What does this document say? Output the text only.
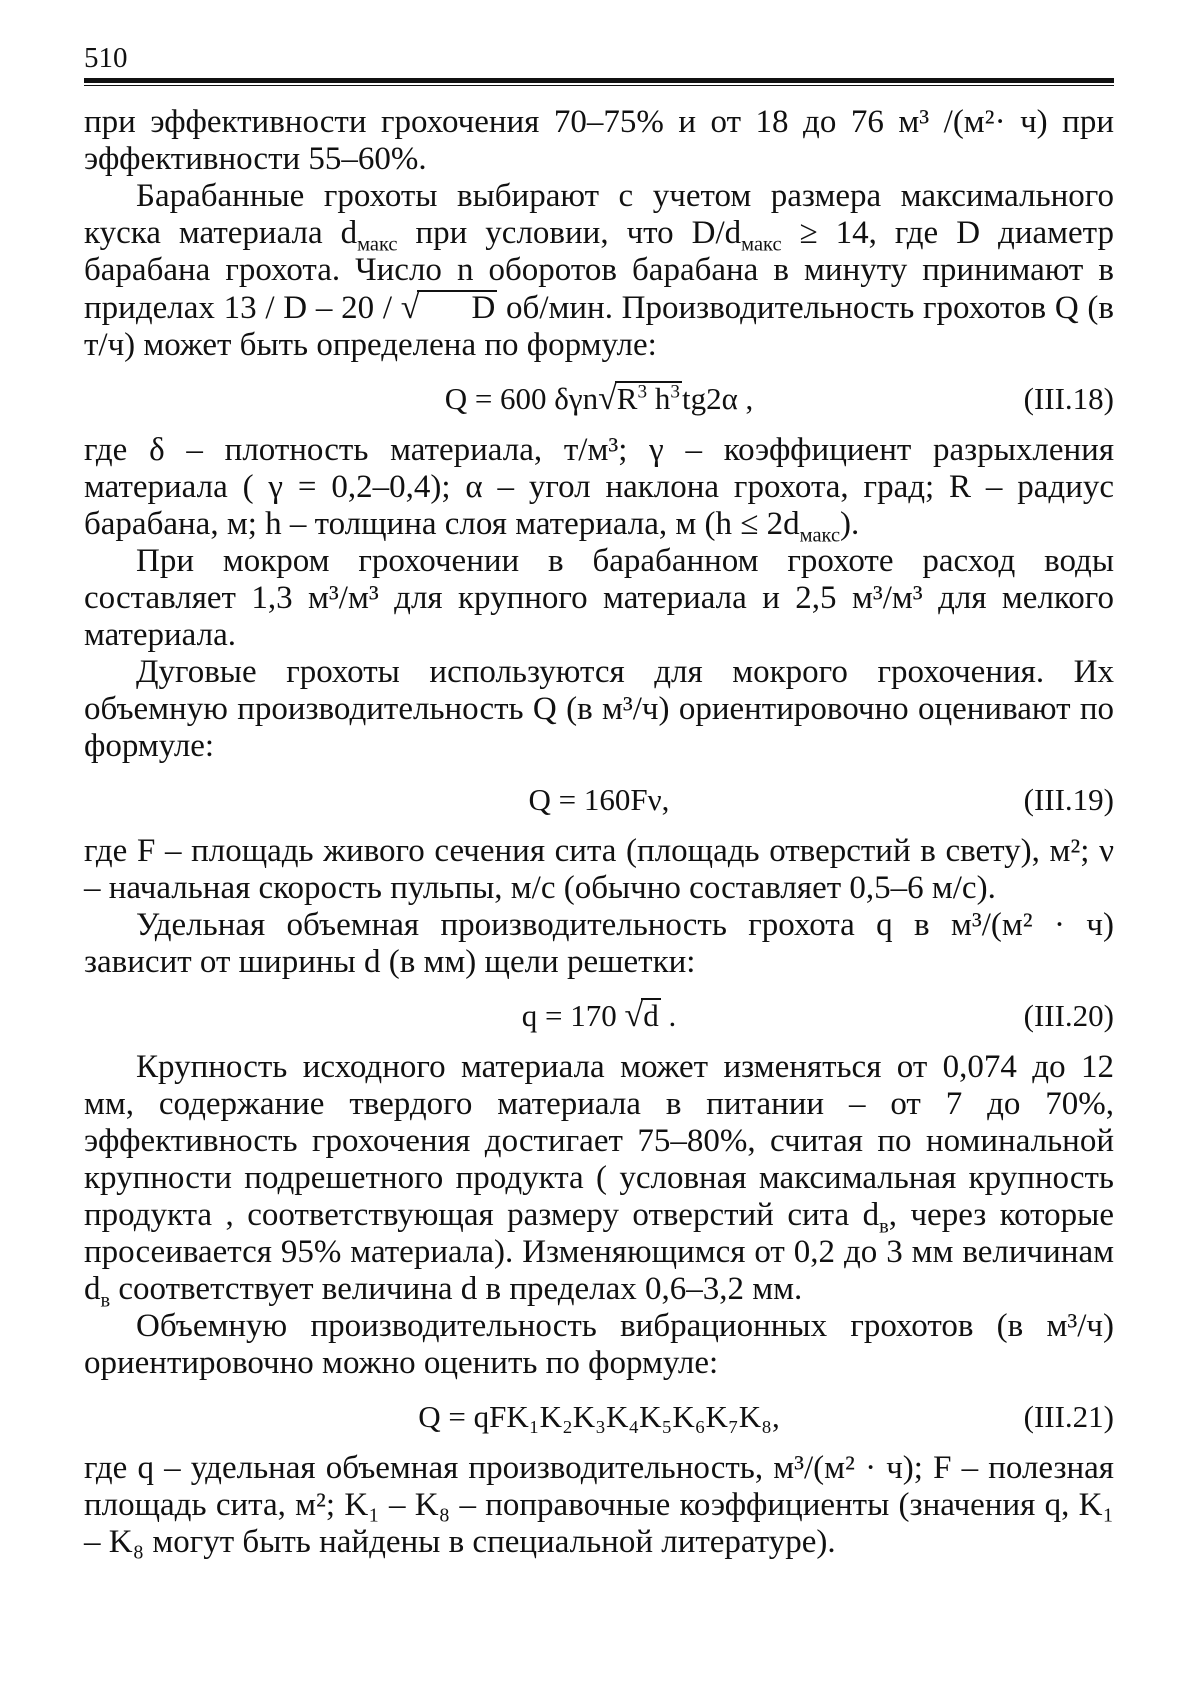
510

при эффективности грохочения 70–75% и от 18 до 76 м³ /(м²· ч) при эффективности 55–60%.

Барабанные грохоты выбирают с учетом размера максимального куска материала $d_{макс}$ при условии, что $D/d_{макс} \ge 14$, где D диаметр барабана грохота. Число n оборотов барабана в минуту принимают в приделах 13 / D – 20 / √ D об/мин. Производительность грохотов Q (в т/ч) может быть определена по формуле:

Q = 600 $\delta\gamma n√R^3$ $h^3tg2\alpha$ ,	(III.18)

где δ – плотность материала, т/м³; γ – коэффициент разрыхления материала ( γ = 0,2–0,4); α – угол наклона грохота, град; R – радиус барабана, м; h – толщина слоя материала, м $(h \le 2d_{макс})$.

При мокром грохочении в барабанном грохоте расход воды составляет 1,3 м³/м³ для крупного материала и 2,5 м³/м³ для мелкого материала.

Дуговые грохоты используются для мокрого грохочения. Их объемную производительность Q (в м³/ч) ориентировочно оценивают по формуле:

Q = 160Fν,	(III.19)

где F – площадь живого сечения сита (площадь отверстий в свету), м²; ν – начальная скорость пульпы, м/с (обычно составляет 0,5–6 м/с).

Удельная объемная производительность грохота q в м³/(м² · ч) зависит от ширины d (в мм) щели решетки:

q = 170 √d .	(III.20)

Крупность исходного материала может изменяться от 0,074 до 12 мм, содержание твердого материала в питании – от 7 до 70%, эффективность грохочения достигает 75–80%, считая по номинальной крупности подрешетного продукта ( условная максимальная крупность продукта , соответствующая размеру отверстий сита $d_в$, через которые просеивается 95% материала). Изменяющимся от 0,2 до 3 мм величинам $d_в$ соответствует величина d в пределах 0,6–3,2 мм.

Объемную производительность вибрационных грохотов (в м³/ч) ориентировочно можно оценить по формуле:

Q = qFK₁K₂K₃K₄K₅K₆K₇K₈,	(III.21)

где q – удельная объемная производительность, м³/(м² · ч); F – полезная площадь сита, м²; K₁ – K₈ – поправочные коэффициенты (значения q, K₁ – K₈ могут быть найдены в специальной литературе).
